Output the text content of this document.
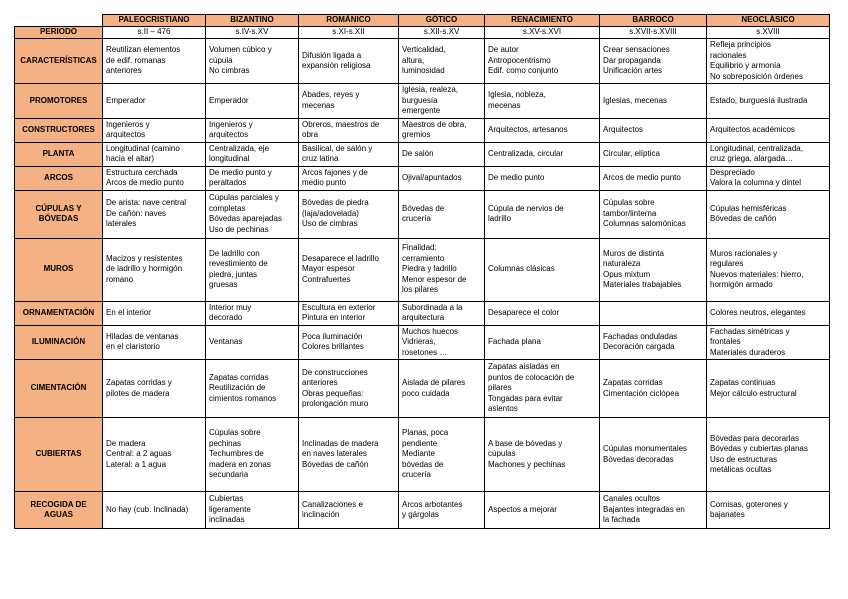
	PALEOCRISTIANO	BIZANTINO	ROMÁNICO	GÓTICO	RENACIMIENTO	BARROCO	NEOCLÁSICO
PERIODO	s.II – 476	s.IV-s.XV	s.XI-s.XII	s.XII-s.XV	s.XV-s.XVI	s.XVII-s.XVIII	s.XVIII
CARACTERÍSTICAS	Reutilizan elementos
de edif. romanas
anteriores	Volumen cúbico y
cúpula
No cimbras	Difusión ligada a
expansión religiosa	Verticalidad,
altura,
luminosidad	De autor
Antropocentrismo
Edif. como conjunto	Crear sensaciones
Dar propaganda
Unificación artes	Refleja principios
racionales
Equilibrio y armonía
No sobreposición órdenes
PROMOTORES	Emperador	Emperador	Abades, reyes y
mecenas	Iglesia, realeza,
burguesía
emergente	Iglesia, nobleza,
mecenas	Iglesias, mecenas	Estado, burguesía ilustrada
CONSTRUCTORES	Ingenieros y
arquitectos	Ingenieros y
arquitectos	Obreros, maestros de
obra	Maestros de obra,
gremios	Arquitectos, artesanos	Arquitectos	Arquitectos académicos
PLANTA	Longitudinal (camino
hacia el altar)	Centralizada, eje
longitudinal	Basilical, de salón y
cruz latina	De salón	Centralizada, circular	Circular, elíptica	Longitudinal, centralizada,
cruz griega, alargada…
ARCOS	Estructura cerchada
Arcos de medio punto	De medio punto y
peraltados	Arcos fajones y de
medio punto	Ojival/apuntados	De medio punto	Arcos de medio punto	Despreciado
Valora la columna y dintel
CÚPULAS Y BÓVEDAS	De arista: nave central
De cañón: naves
laterales	Cúpulas parciales y
completas
Bóvedas aparejadas
Uso de pechinas	Bóvedas de piedra
(laja/adovelada)
Uso de cimbras	Bóvedas de
crucería	Cúpula de nervios de
ladrillo	Cúpulas sobre
tambor/linterna
Columnas salomónicas	Cúpulas hemisféricas
Bóvedas de cañón
MUROS	Macizos y resistentes
de ladrillo y hormigón
romano	De ladrillo con
revestimiento de
piedra, juntas
gruesas	Desaparece el ladrillo
Mayor espesor
Contrafuertes	Finalidad:
cerramiento
Piedra y ladrillo
Menor espesor de
los pilares	Columnas clásicas	Muros de distinta
naturaleza
Opus mixtum
Materiales trabajables	Muros racionales y
regulares
Nuevos materiales: hierro,
hormigón armado
ORNAMENTACIÓN	En el interior	Interior muy
decorado	Escultura en exterior
Pintura en interior	Subordinada a la
arquitectura	Desaparece el color		Colores neutros, elegantes
ILUMINACIÓN	Hiladas de ventanas
en el claristorio	Ventanas	Poca iluminación
Colores brillantes	Muchos huecos
Vidrieras,
rosetones …	Fachada plana	Fachadas onduladas
Decoración cargada	Fachadas simétricas y
frontales
Materiales duraderos
CIMENTACIÓN	Zapatas corridas y
pilotes de madera	Zapatas corridas
Reutilización de
cimientos romanos	De construcciones
anteriores
Obras pequeñas:
prolongación muro	Aislada de pilares
poco cuidada	Zapatas aisladas en
puntos de colocación de
pilares
Tongadas para evitar
asientos	Zapatas corridas
Cimentación ciclópea	Zapatas continuas
Mejor cálculo estructural
CUBIERTAS	De madera
Central: a 2 aguas
Lateral: a 1 agua	Cúpulas sobre
pechinas
Techumbres de
madera en zonas
secundaria	Inclinadas de madera
en naves laterales
Bóvedas de cañón	Planas, poca
pendiente
Mediante
bóvedas de
crucería	A base de bóvedas y
cúpulas
Machones y pechinas	Cúpulas monumentales
Bóvedas decoradas	Bóvedas para decorarlas
Bóvedas y cubiertas planas
Uso de estructuras
metálicas ocultas
RECOGIDA DE AGUAS	No hay (cub. Inclinada)	Cubiertas
ligeramente
inclinadas	Canalizaciones e
inclinación	Arcos arbotantes
y gárgolas	Aspectos a mejorar	Canales ocultos
Bajantes integradas en
la fachada	Cornisas, goterones y
bajanates
